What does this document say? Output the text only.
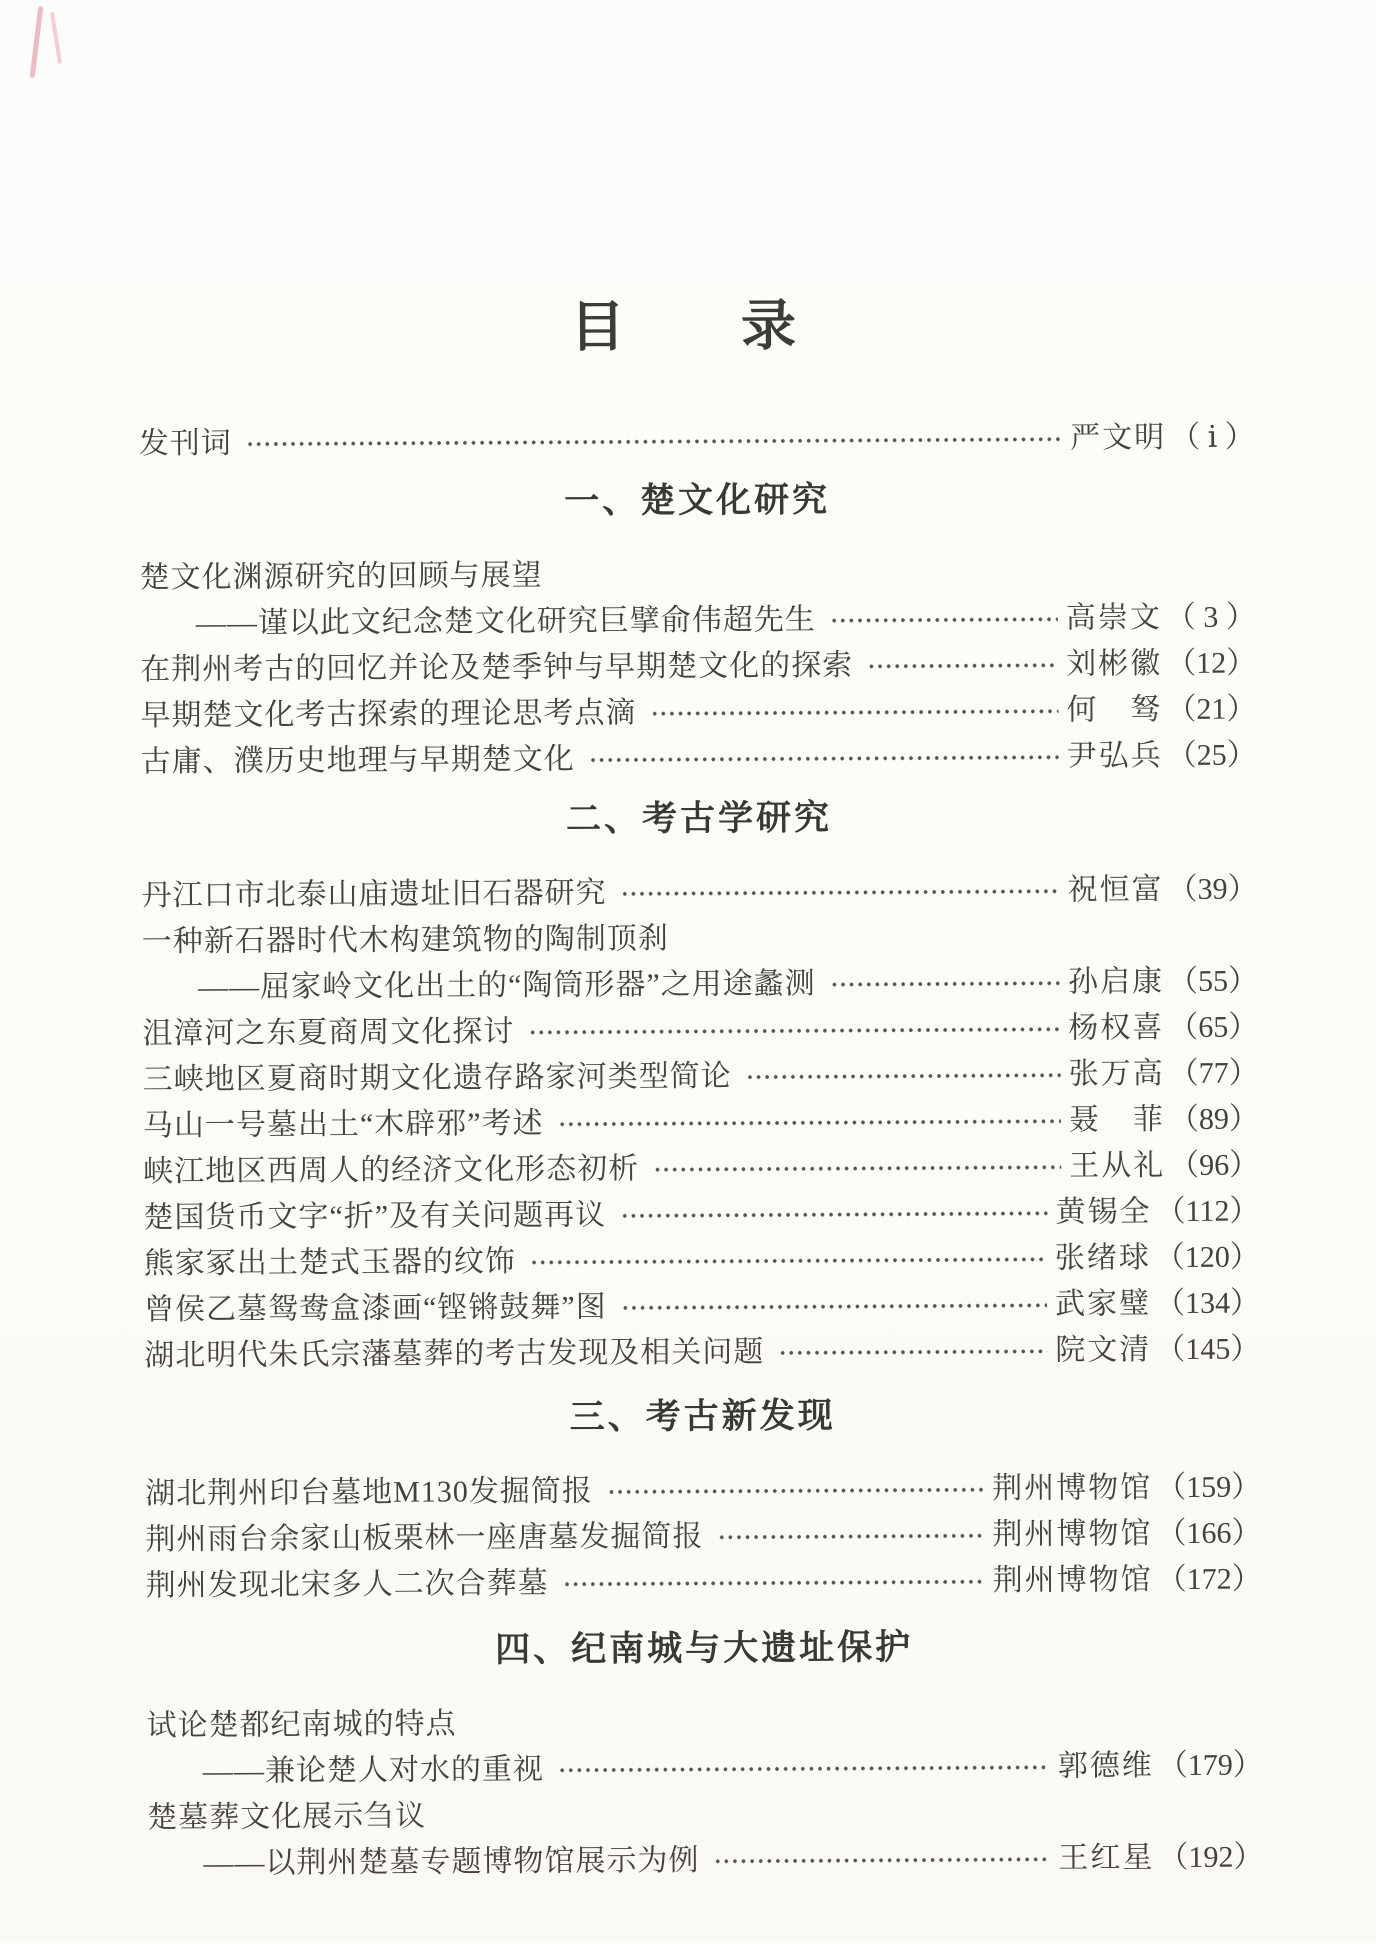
目　　录
发刊词	严文明 （ ⅰ ）
一、楚文化研究
楚文化渊源研究的回顾与展望
——谨以此文纪念楚文化研究巨擘俞伟超先生	高崇文 （ 3 ）
在荆州考古的回忆并论及楚季钟与早期楚文化的探索	刘彬徽 （12）
早期楚文化考古探索的理论思考点滴	何　驽 （21）
古庸、濮历史地理与早期楚文化	尹弘兵 （25）
二、考古学研究
丹江口市北泰山庙遗址旧石器研究	祝恒富 （39）
一种新石器时代木构建筑物的陶制顶刹
——屈家岭文化出土的“陶筒形器”之用途蠡测	孙启康 （55）
沮漳河之东夏商周文化探讨	杨权喜 （65）
三峡地区夏商时期文化遗存路家河类型简论	张万高 （77）
马山一号墓出土“木辟邪”考述	聂　菲 （89）
峡江地区西周人的经济文化形态初析	王从礼 （96）
楚国货币文字“折”及有关问题再议	黄锡全 （112）
熊家冢出土楚式玉器的纹饰	张绪球 （120）
曾侯乙墓鸳鸯盒漆画“铿锵鼓舞”图	武家璧 （134）
湖北明代朱氏宗藩墓葬的考古发现及相关问题	院文清 （145）
三、考古新发现
湖北荆州印台墓地M130发掘简报	荆州博物馆 （159）
荆州雨台余家山板栗林一座唐墓发掘简报	荆州博物馆 （166）
荆州发现北宋多人二次合葬墓	荆州博物馆 （172）
四、纪南城与大遗址保护
试论楚都纪南城的特点
——兼论楚人对水的重视	郭德维 （179）
楚墓葬文化展示刍议
——以荆州楚墓专题博物馆展示为例	王红星 （192）
